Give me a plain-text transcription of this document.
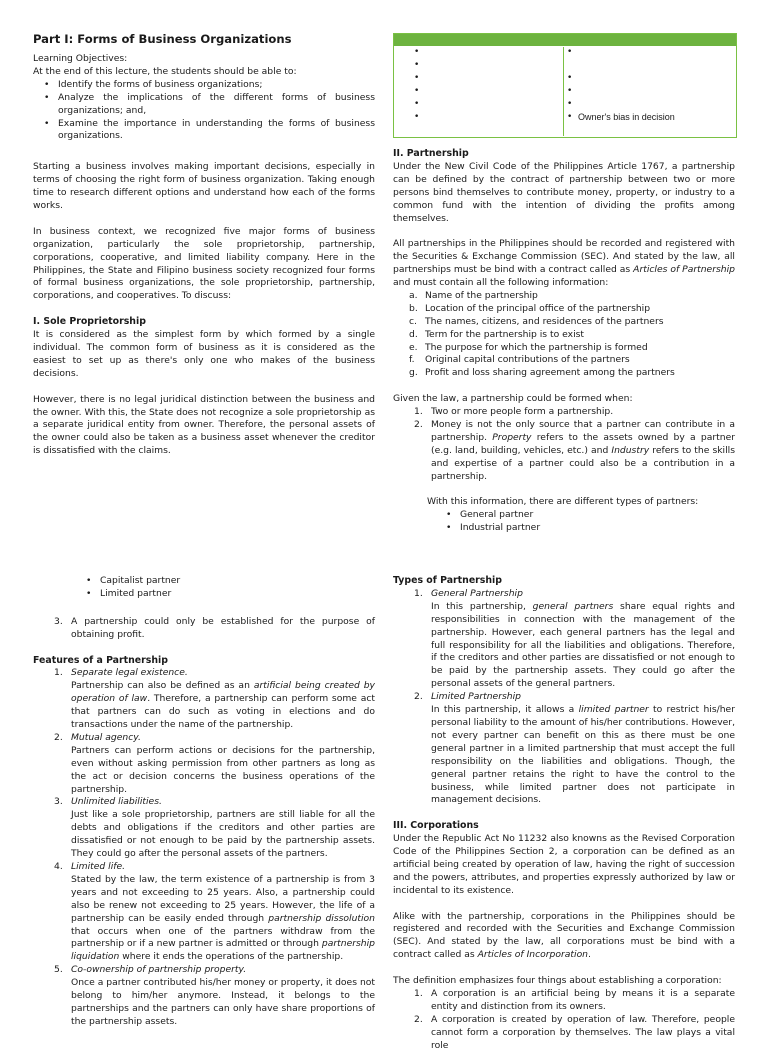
Part I: Forms of Business Organizations

Learning Objectives:

At the end of this lecture, the students should be able to:

• Identify the forms of business organizations;
• Analyze the implications of the different forms of business organizations; and,
• Examine the importance in understanding the forms of business organizations.

Starting a business involves making important decisions, especially in terms of choosing the right form of business organization. Taking enough time to research different options and understand how each of the forms works.

In business context, we recognized five major forms of business organization, particularly the sole proprietorship, partnership, corporations, cooperative, and limited liability company. Here in the Philippines, the State and Filipino business society recognized four forms of formal business organizations, the sole proprietorship, partnership, corporations, and cooperatives. To discuss:

I. Sole Proprietorship

It is considered as the simplest form by which formed by a single individual. The common form of business as it is considered as the easiest to set up as there's only one who makes of the business decisions.

However, there is no legal juridical distinction between the business and the owner. With this, the State does not recognize a sole proprietorship as a separate juridical entity from owner. Therefore, the personal assets of the owner could also be taken as a business asset whenever the creditor is dissatisfied with the claims.

•
•
•
•
•
•
•
•
•
•
• Owner's bias in decision
II. Partnership

Under the New Civil Code of the Philippines Article 1767, a partnership can be defined by the contract of partnership between two or more persons bind themselves to contribute money, property, or industry to a common fund with the intention of dividing the profits among themselves.

All partnerships in the Philippines should be recorded and registered with the Securities & Exchange Commission (SEC). And stated by the law, all partnerships must be bind with a contract called as Articles of Partnership and must contain all the following information:

a. Name of the partnership
b. Location of the principal office of the partnership
c. The names, citizens, and residences of the partners
d. Term for the partnership is to exist
e. The purpose for which the partnership is formed
f. Original capital contributions of the partners
g. Profit and loss sharing agreement among the partners

Given the law, a partnership could be formed when:

1. Two or more people form a partnership.
2. Money is not the only source that a partner can contribute in a partnership. Property refers to the assets owned by a partner (e.g. land, building, vehicles, etc.) and Industry refers to the skills and expertise of a partner could also be a contribution in a partnership.

With this information, there are different types of partners:

• General partner
• Industrial partner
• Capitalist partner
• Limited partner
3. A partnership could only be established for the purpose of obtaining profit.
Features of a Partnership
1. Separate legal existence.
Partnership can also be defined as an artificial being created by operation of law. Therefore, a partnership can perform some act that partners can do such as voting in elections and do transactions under the name of the partnership.
2. Mutual agency.
Partners can perform actions or decisions for the partnership, even without asking permission from other partners as long as the act or decision concerns the business operations of the partnership.
3. Unlimited liabilities.
Just like a sole proprietorship, partners are still liable for all the debts and obligations if the creditors and other parties are dissatisfied or not enough to be paid by the partnership assets. They could go after the personal assets of the partners.
4. Limited life.
Stated by the law, the term existence of a partnership is from 3 years and not exceeding to 25 years. Also, a partnership could also be renew not exceeding to 25 years. However, the life of a partnership can be easily ended through partnership dissolution that occurs when one of the partners withdraw from the partnership or if a new partner is admitted or through partnership liquidation where it ends the operations of the partnership.
5. Co-ownership of partnership property.
Once a partner contributed his/her money or property, it does not belong to him/her anymore. Instead, it belongs to the partnerships and the partners can only have share proportions of the partnership assets.
Types of Partnership
1. General Partnership
In this partnership, general partners share equal rights and responsibilities in connection with the management of the partnership. However, each general partners has the legal and full responsibility for all the liabilities and obligations. Therefore, if the creditors and other parties are dissatisfied or not enough to be paid by the partnership assets. They could go after the personal assets of the general partners.
2. Limited Partnership
In this partnership, it allows a limited partner to restrict his/her personal liability to the amount of his/her contributions. However, not every partner can benefit on this as there must be one general partner in a limited partnership that must accept the full responsibility on the liabilities and obligations. Though, the general partner retains the right to have the control to the business, while limited partner does not participate in management decisions.
III. Corporations

Under the Republic Act No 11232 also knowns as the Revised Corporation Code of the Philippines Section 2, a corporation can be defined as an artificial being created by operation of law, having the right of succession and the powers, attributes, and properties expressly authorized by law or incidental to its existence.

Alike with the partnership, corporations in the Philippines should be registered and recorded with the Securities and Exchange Commission (SEC). And stated by the law, all corporations must be bind with a contract called as Articles of Incorporation.

The definition emphasizes four things about establishing a corporation:

1. A corporation is an artificial being by means it is a separate entity and distinction from its owners.
2. A corporation is created by operation of law. Therefore, people cannot form a corporation by themselves. The law plays a vital role
